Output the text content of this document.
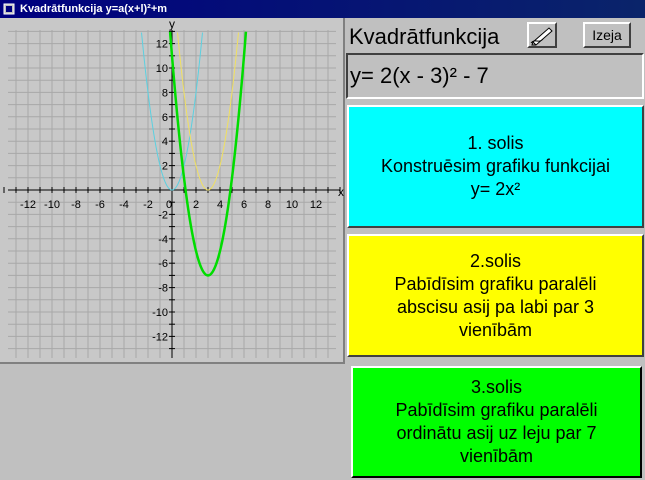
Kvadrātfunkcija y=a(x+l)²+m
-12 -10 -8 -6 -4 -2 0 2 4 6 8 10 12
12
10
8
6
4
2
-2
-4
-6
-8
-10
-12
x
y	Kvadrātfunkcija	Izeja
y= 2(x - 3)² - 7
1. solis
Konstruēsim grafiku funkcijai
y= 2x²
2.solis
Pabīdīsim grafiku paralēli
abscisu asij pa labi par 3
vienībām
3.solis
Pabīdīsim grafiku paralēli
ordinātu asij uz leju par 7
vienībām
